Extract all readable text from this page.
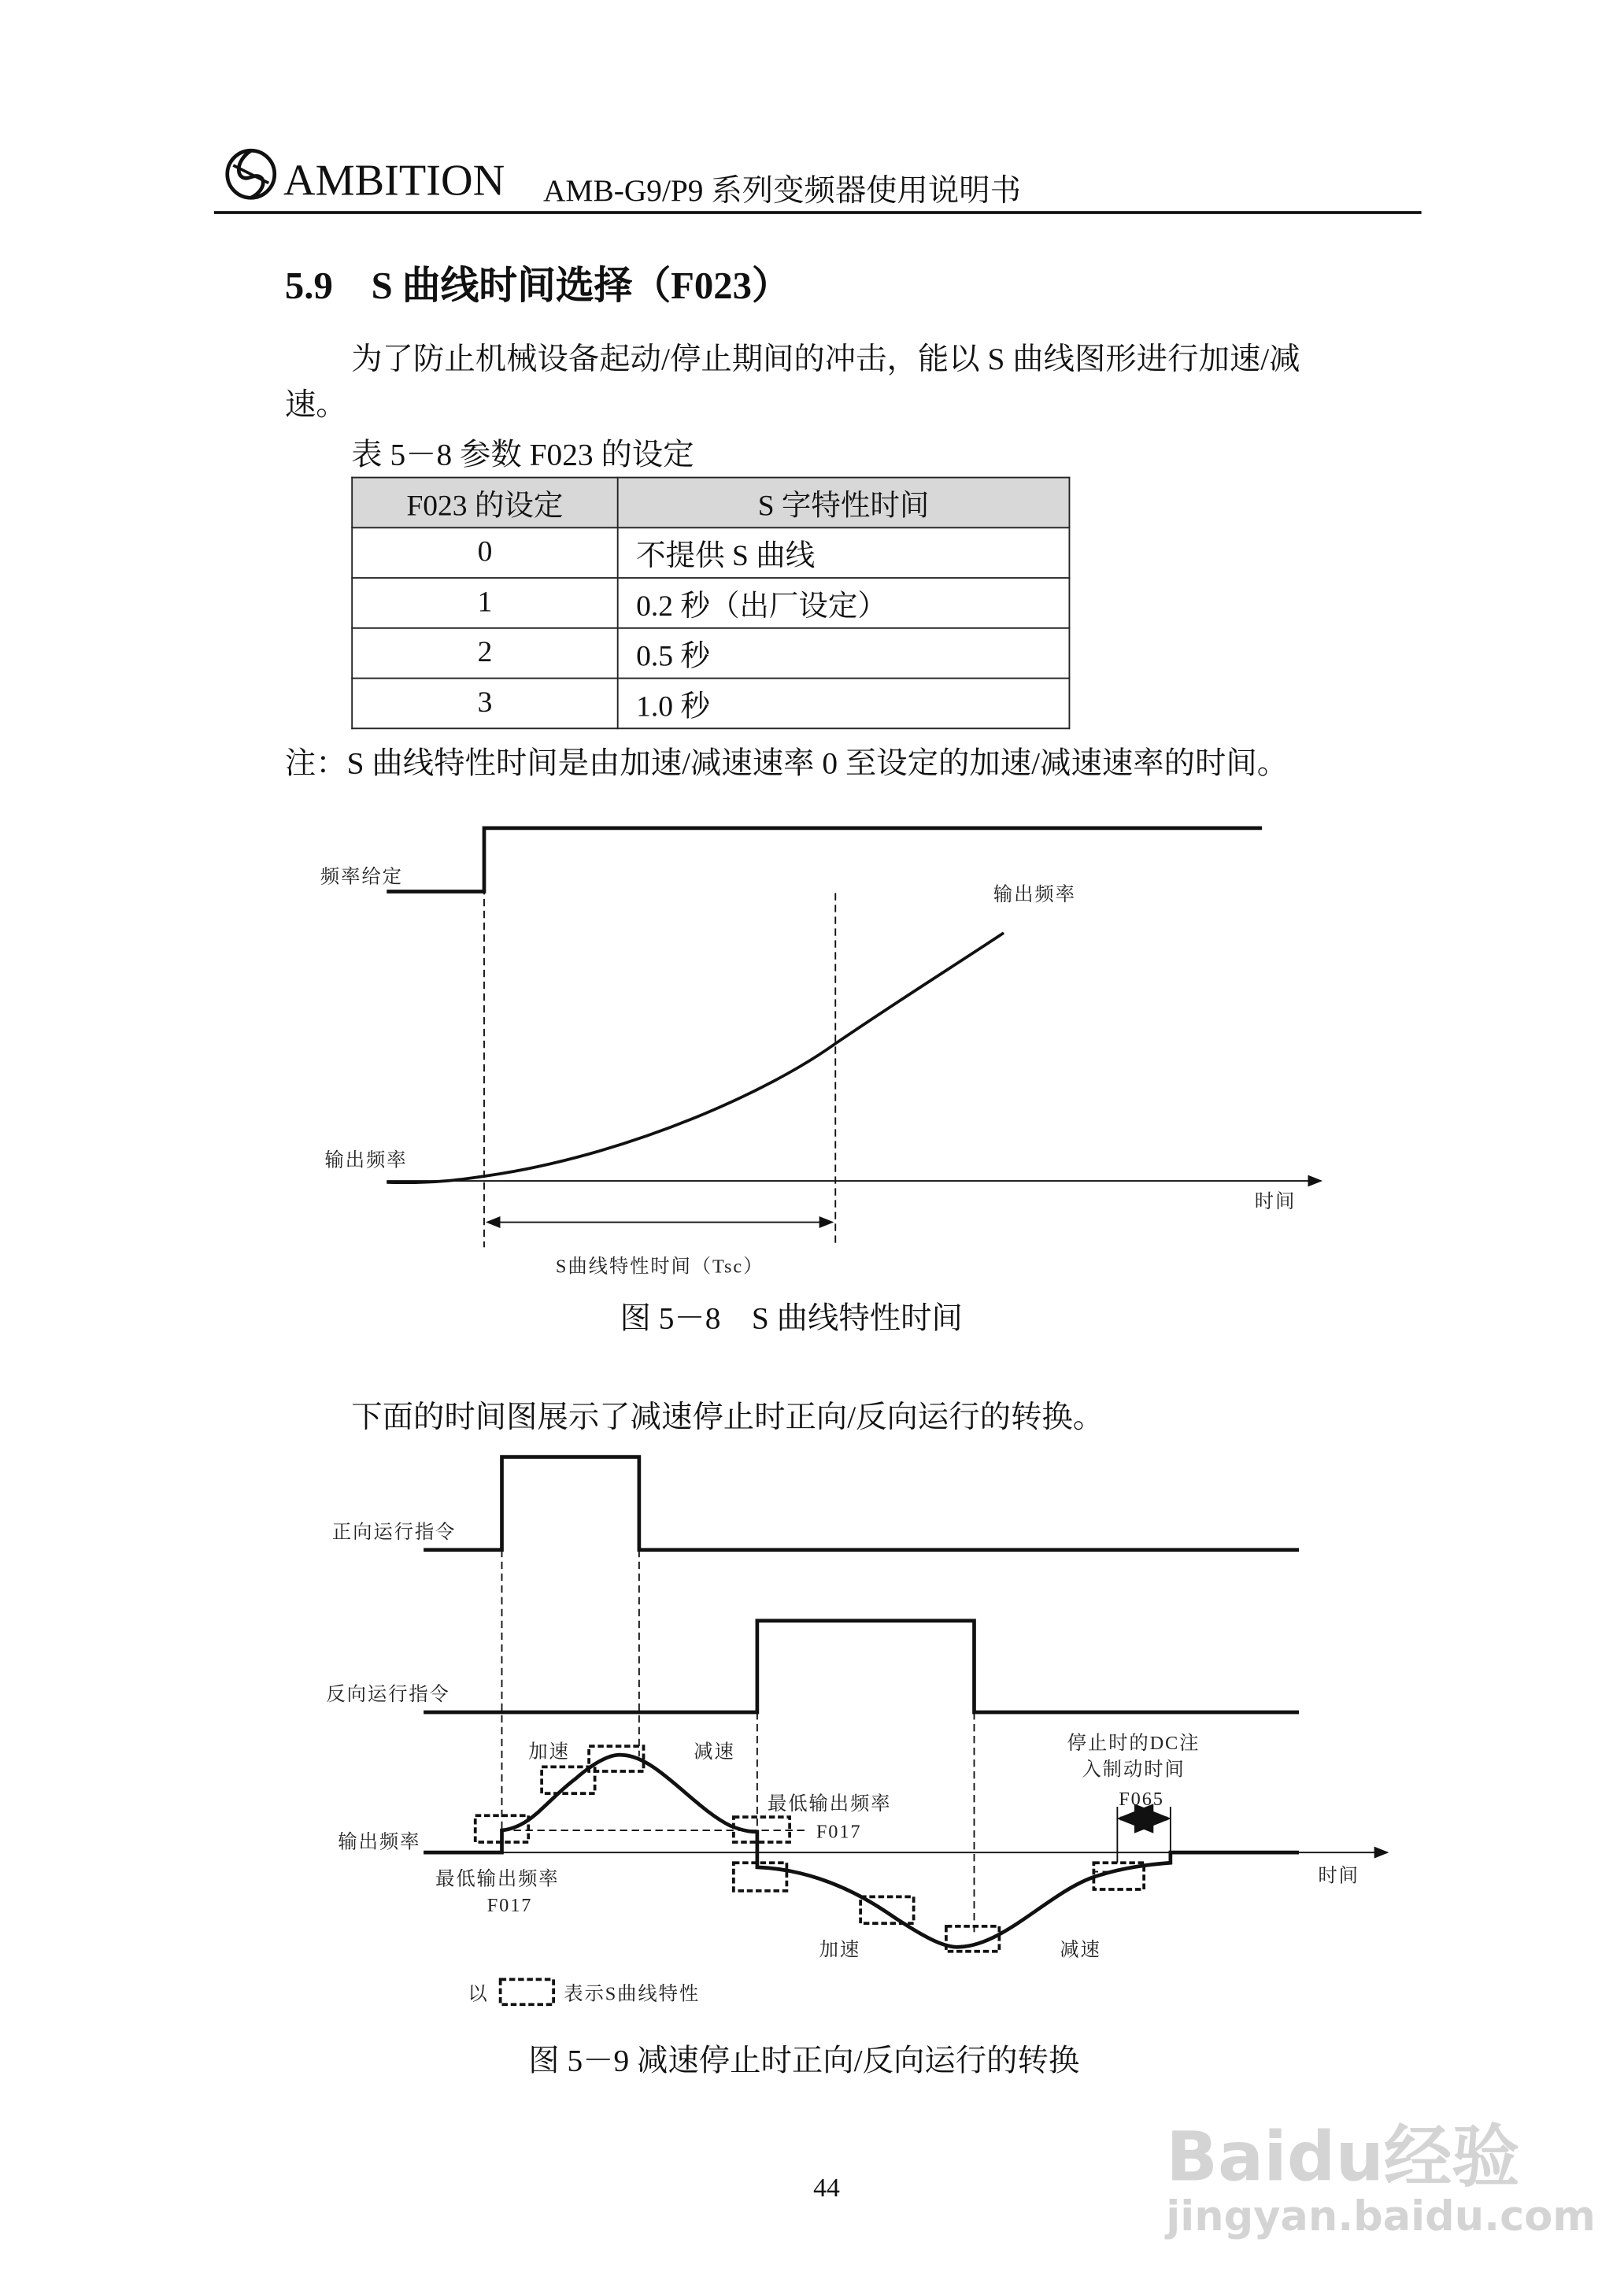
AMBITION AMB-G9/P9 系列变频器使用说明书
5.9　S 曲线时间选择（F023）
为了防止机械设备起动/停止期间的冲击，能以 S 曲线图形进行加速/减
速。
表 5－8 参数 F023 的设定
F023 的设定	S 字特性时间
0	不提供 S 曲线
1	0.2 秒（出厂设定）
2	0.5 秒
3	1.0 秒
注：S 曲线特性时间是由加速/减速速率 0 至设定的加速/减速速率的时间。
频率给定
输出频率
输出频率
时间
S曲线特性时间（Tsc）
正向运行指令
反向运行指令
输出频率
时间
加速	减速
加速	减速
最低输出频率
F017
最低输出频率
F017
停止时的DC注
入制动时间
F065
以	表示S曲线特性
图 5－8　S 曲线特性时间
下面的时间图展示了减速停止时正向/反向运行的转换。
图 5－9 减速停止时正向/反向运行的转换
44	Baidu经验
jingyan.baidu.com
